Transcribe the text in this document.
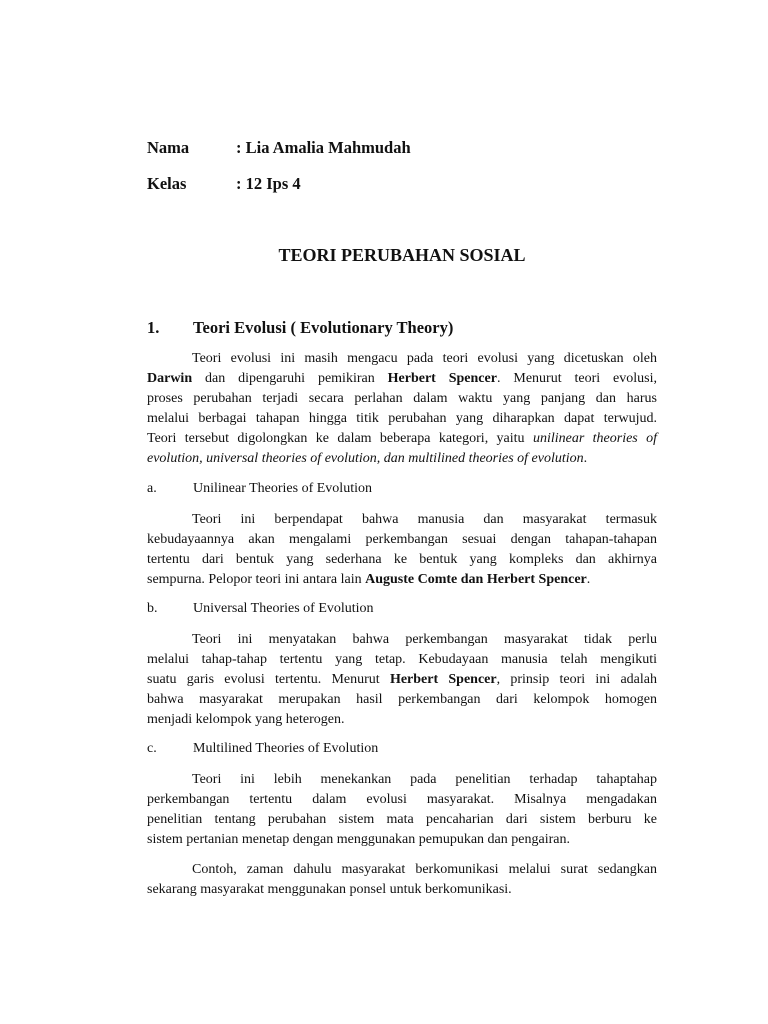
Nama	: Lia Amalia Mahmudah
Kelas	: 12 Ips 4
TEORI PERUBAHAN SOSIAL
1. Teori Evolusi ( Evolutionary Theory)
Teori evolusi ini masih mengacu pada teori evolusi yang dicetuskan oleh
Darwin dan dipengaruhi pemikiran Herbert Spencer. Menurut teori evolusi,
proses perubahan terjadi secara perlahan dalam waktu yang panjang dan harus
melalui berbagai tahapan hingga titik perubahan yang diharapkan dapat terwujud.
Teori tersebut digolongkan ke dalam beberapa kategori, yaitu unilinear theories of
evolution, universal theories of evolution, dan multilined theories of evolution.
a.	Unilinear Theories of Evolution
Teori ini berpendapat bahwa manusia dan masyarakat termasuk
kebudayaannya akan mengalami perkembangan sesuai dengan tahapan-tahapan
tertentu dari bentuk yang sederhana ke bentuk yang kompleks dan akhirnya
sempurna. Pelopor teori ini antara lain Auguste Comte dan Herbert Spencer.
b.	Universal Theories of Evolution
Teori ini menyatakan bahwa perkembangan masyarakat tidak perlu
melalui tahap-tahap tertentu yang tetap. Kebudayaan manusia telah mengikuti
suatu garis evolusi tertentu. Menurut Herbert Spencer, prinsip teori ini adalah
bahwa masyarakat merupakan hasil perkembangan dari kelompok homogen
menjadi kelompok yang heterogen.
c.	Multilined Theories of Evolution
Teori ini lebih menekankan pada penelitian terhadap tahaptahap
perkembangan tertentu dalam evolusi masyarakat. Misalnya mengadakan
penelitian tentang perubahan sistem mata pencaharian dari sistem berburu ke
sistem pertanian menetap dengan menggunakan pemupukan dan pengairan.
Contoh, zaman dahulu masyarakat berkomunikasi melalui surat sedangkan
sekarang masyarakat menggunakan ponsel untuk berkomunikasi.
